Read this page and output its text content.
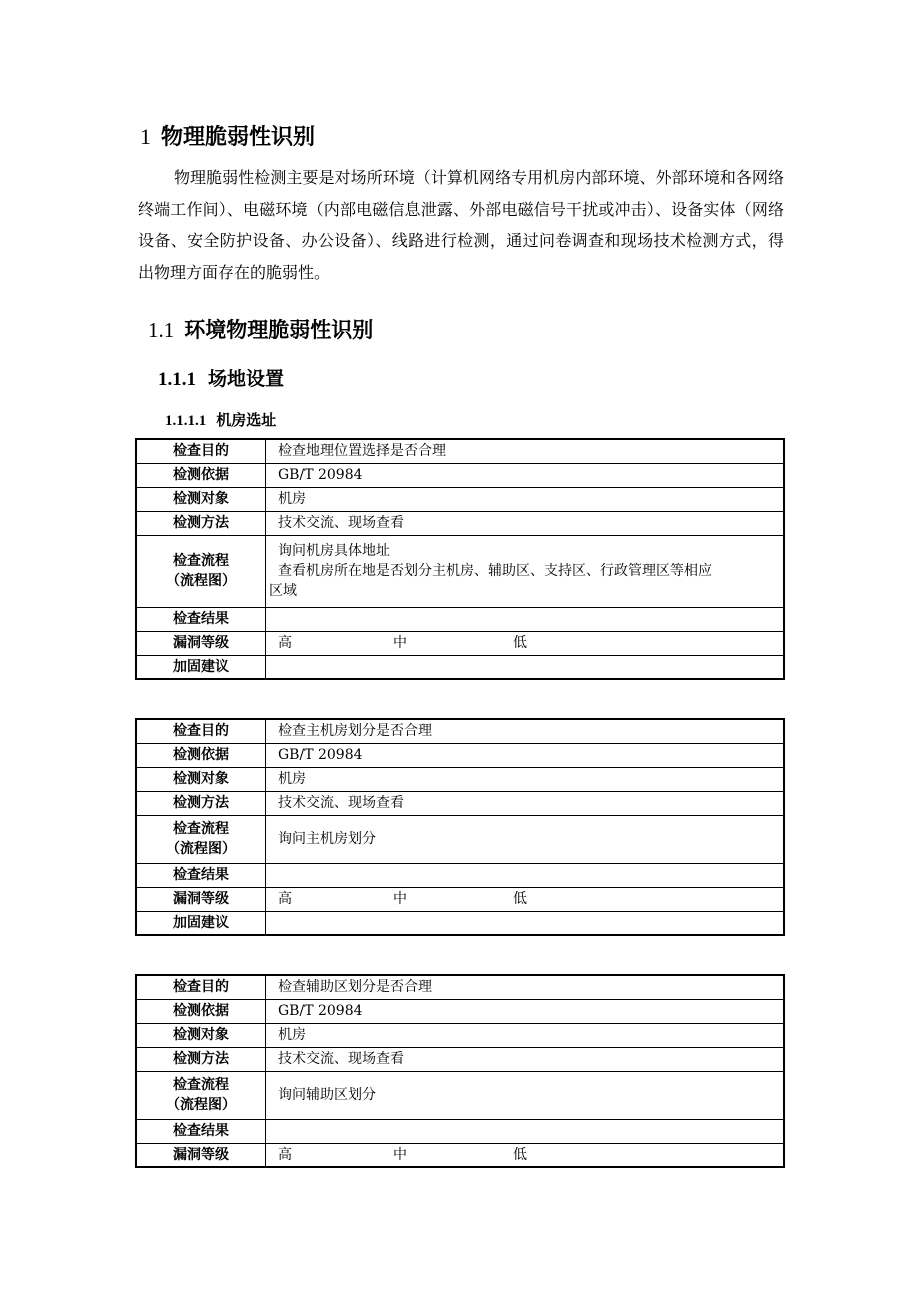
1 物理脆弱性识别
物理脆弱性检测主要是对场所环境（计算机网络专用机房内部环境、外部环境和各网络终端工作间）、电磁环境（内部电磁信息泄露、外部电磁信号干扰或冲击）、设备实体（网络设备、安全防护设备、办公设备）、线路进行检测，通过问卷调查和现场技术检测方式，得出物理方面存在的脆弱性。
1.1 环境物理脆弱性识别
1.1.1 场地设置
1.1.1.1 机房选址
检查目的	检查地理位置选择是否合理
检测依据	GB/T 20984
检测对象	机房
检测方法	技术交流、现场查看

检查流程
（流程图）	询问机房具体地址
查看机房所在地是否划分主机房、辅助区、支持区、行政管理区等相应
区域

检查结果	
漏洞等级	高 中 低
加固建议	
检查目的	检查主机房划分是否合理
检测依据	GB/T 20984
检测对象	机房
检测方法	技术交流、现场查看

检查流程
（流程图）	询问主机房划分
检查结果	
漏洞等级	高 中 低
加固建议	
检查目的	检查辅助区划分是否合理
检测依据	GB/T 20984
检测对象	机房
检测方法	技术交流、现场查看

检查流程
（流程图）	询问辅助区划分
检查结果	
漏洞等级	高 中 低
